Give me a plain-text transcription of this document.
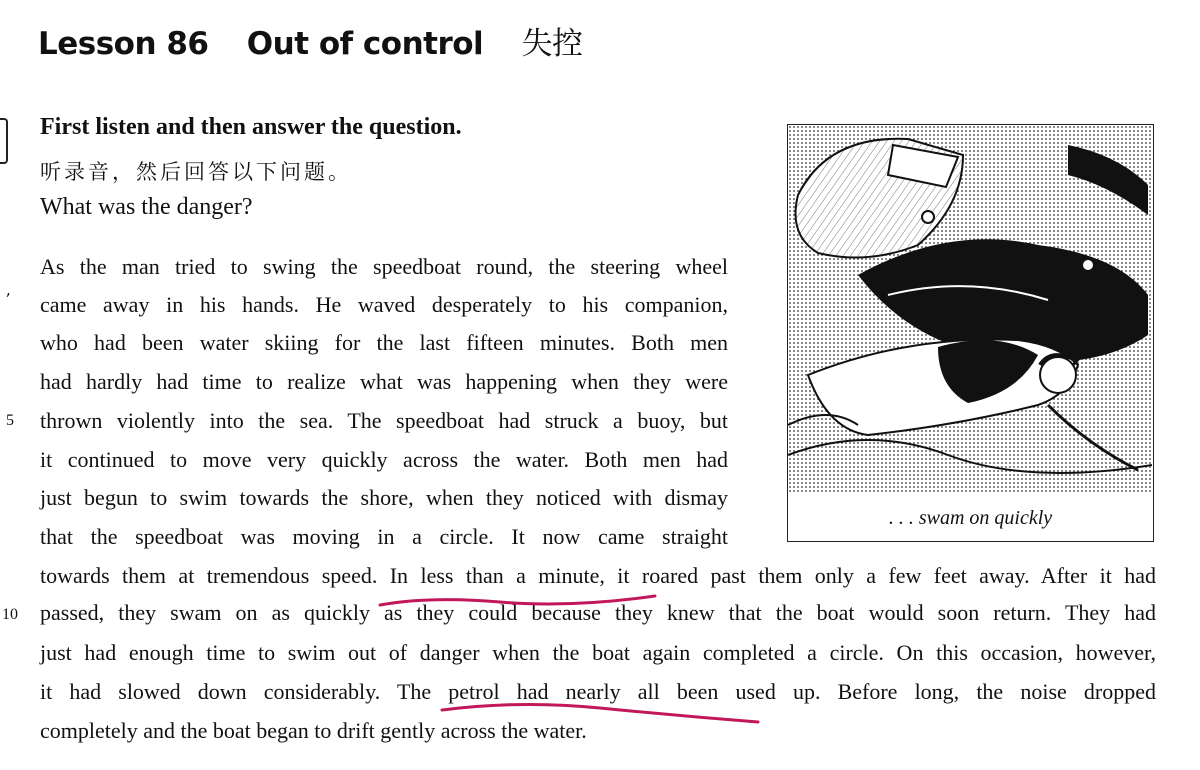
Lesson 86 Out of control 失控
ʼ
First listen and then answer the question.
听录音，然后回答以下问题。
What was the danger?
As the man tried to swing the speedboat round, the steering wheel
came away in his hands. He waved desperately to his companion,
who had been water skiing for the last fifteen minutes. Both men
had hardly had time to realize what was happening when they were
thrown violently into the sea. The speedboat had struck a buoy, but
it continued to move very quickly across the water. Both men had
just begun to swim towards the shore, when they noticed with dismay
that the speedboat was moving in a circle. It now came straight
towards them at tremendous speed. In less than a minute, it roared past them only a few feet away. After it had
passed, they swam on as quickly as they could because they knew that the boat would soon return. They had
just had enough time to swim out of danger when the boat again completed a circle. On this occasion, however,
it had slowed down considerably. The petrol had nearly all been used up. Before long, the noise dropped
completely and the boat began to drift gently across the water.
5
10
. . . swam on quickly
